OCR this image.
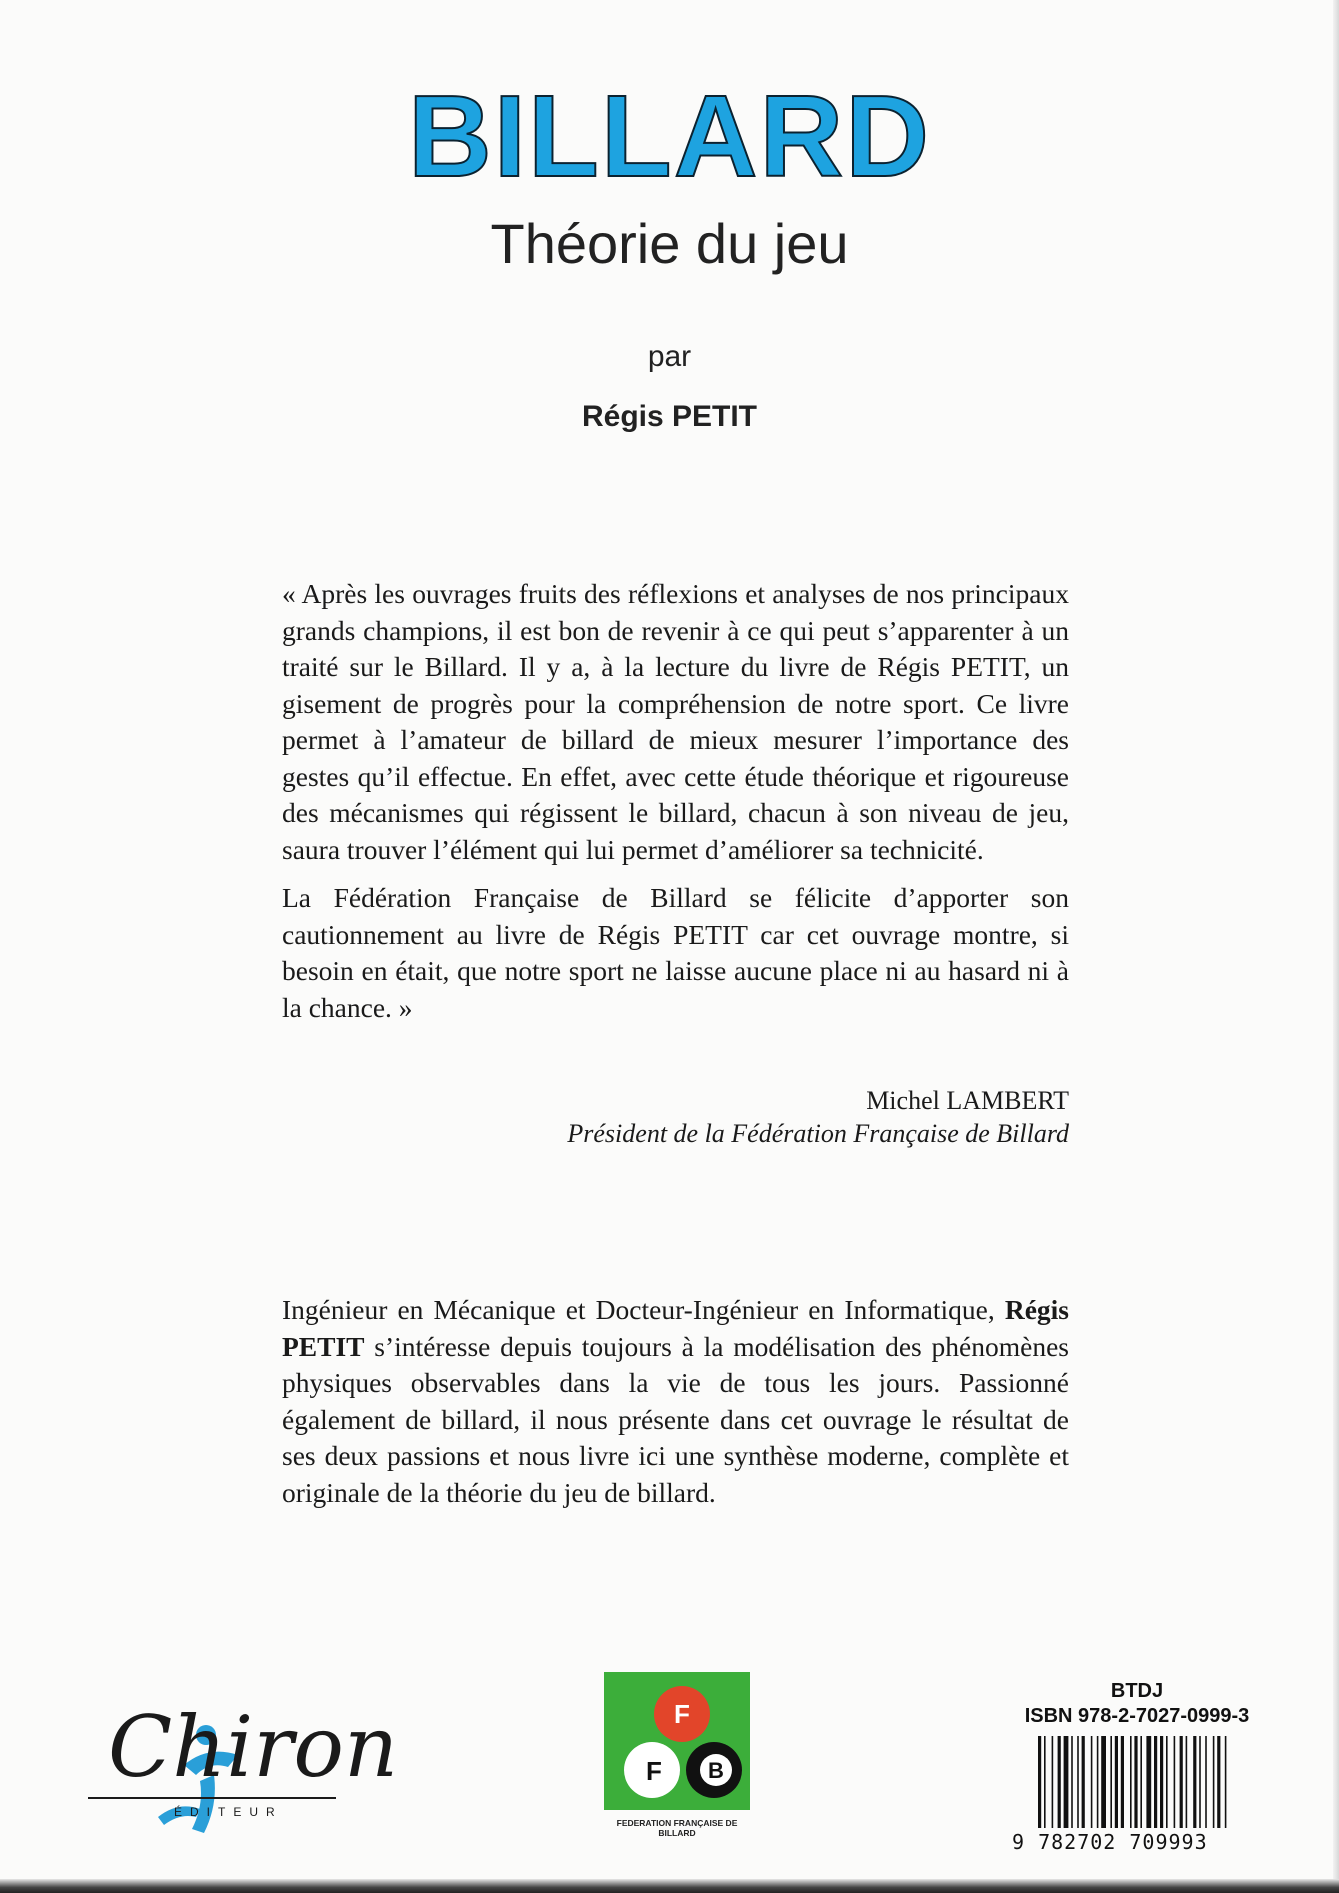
BILLARD
Théorie du jeu
par
Régis PETIT

« Après les ouvrages fruits des réflexions et analyses de nos principaux grands champions, il est bon de revenir à ce qui peut s’apparenter à un traité sur le Billard. Il y a, à la lecture du livre de Régis PETIT, un gisement de progrès pour la compréhension de notre sport. Ce livre permet à l’amateur de billard de mieux mesurer l’importance des gestes qu’il effectue. En effet, avec cette étude théorique et rigoureuse des mécanismes qui régissent le billard, chacun à son niveau de jeu, saura trouver l’élément qui lui permet d’améliorer sa technicité.

La Fédération Française de Billard se félicite d’apporter son cautionnement au livre de Régis PETIT car cet ouvrage montre, si besoin en était, que notre sport ne laisse aucune place ni au hasard ni à la chance. »

Michel LAMBERT
Président de la Fédération Française de Billard

Ingénieur en Mécanique et Docteur-Ingénieur en Informatique, Régis PETIT s’intéresse depuis toujours à la modélisation des phénomènes physiques observables dans la vie de tous les jours. Passionné également de billard, il nous présente dans cet ouvrage le résultat de ses deux passions et nous livre ici une synthèse moderne, complète et originale de la théorie du jeu de billard.

Chiron
ÉDITEUR
F
F B
FEDERATION FRANÇAISE DE BILLARD
BTDJ
ISBN 978-2-7027-0999-3
9 782702 709993
